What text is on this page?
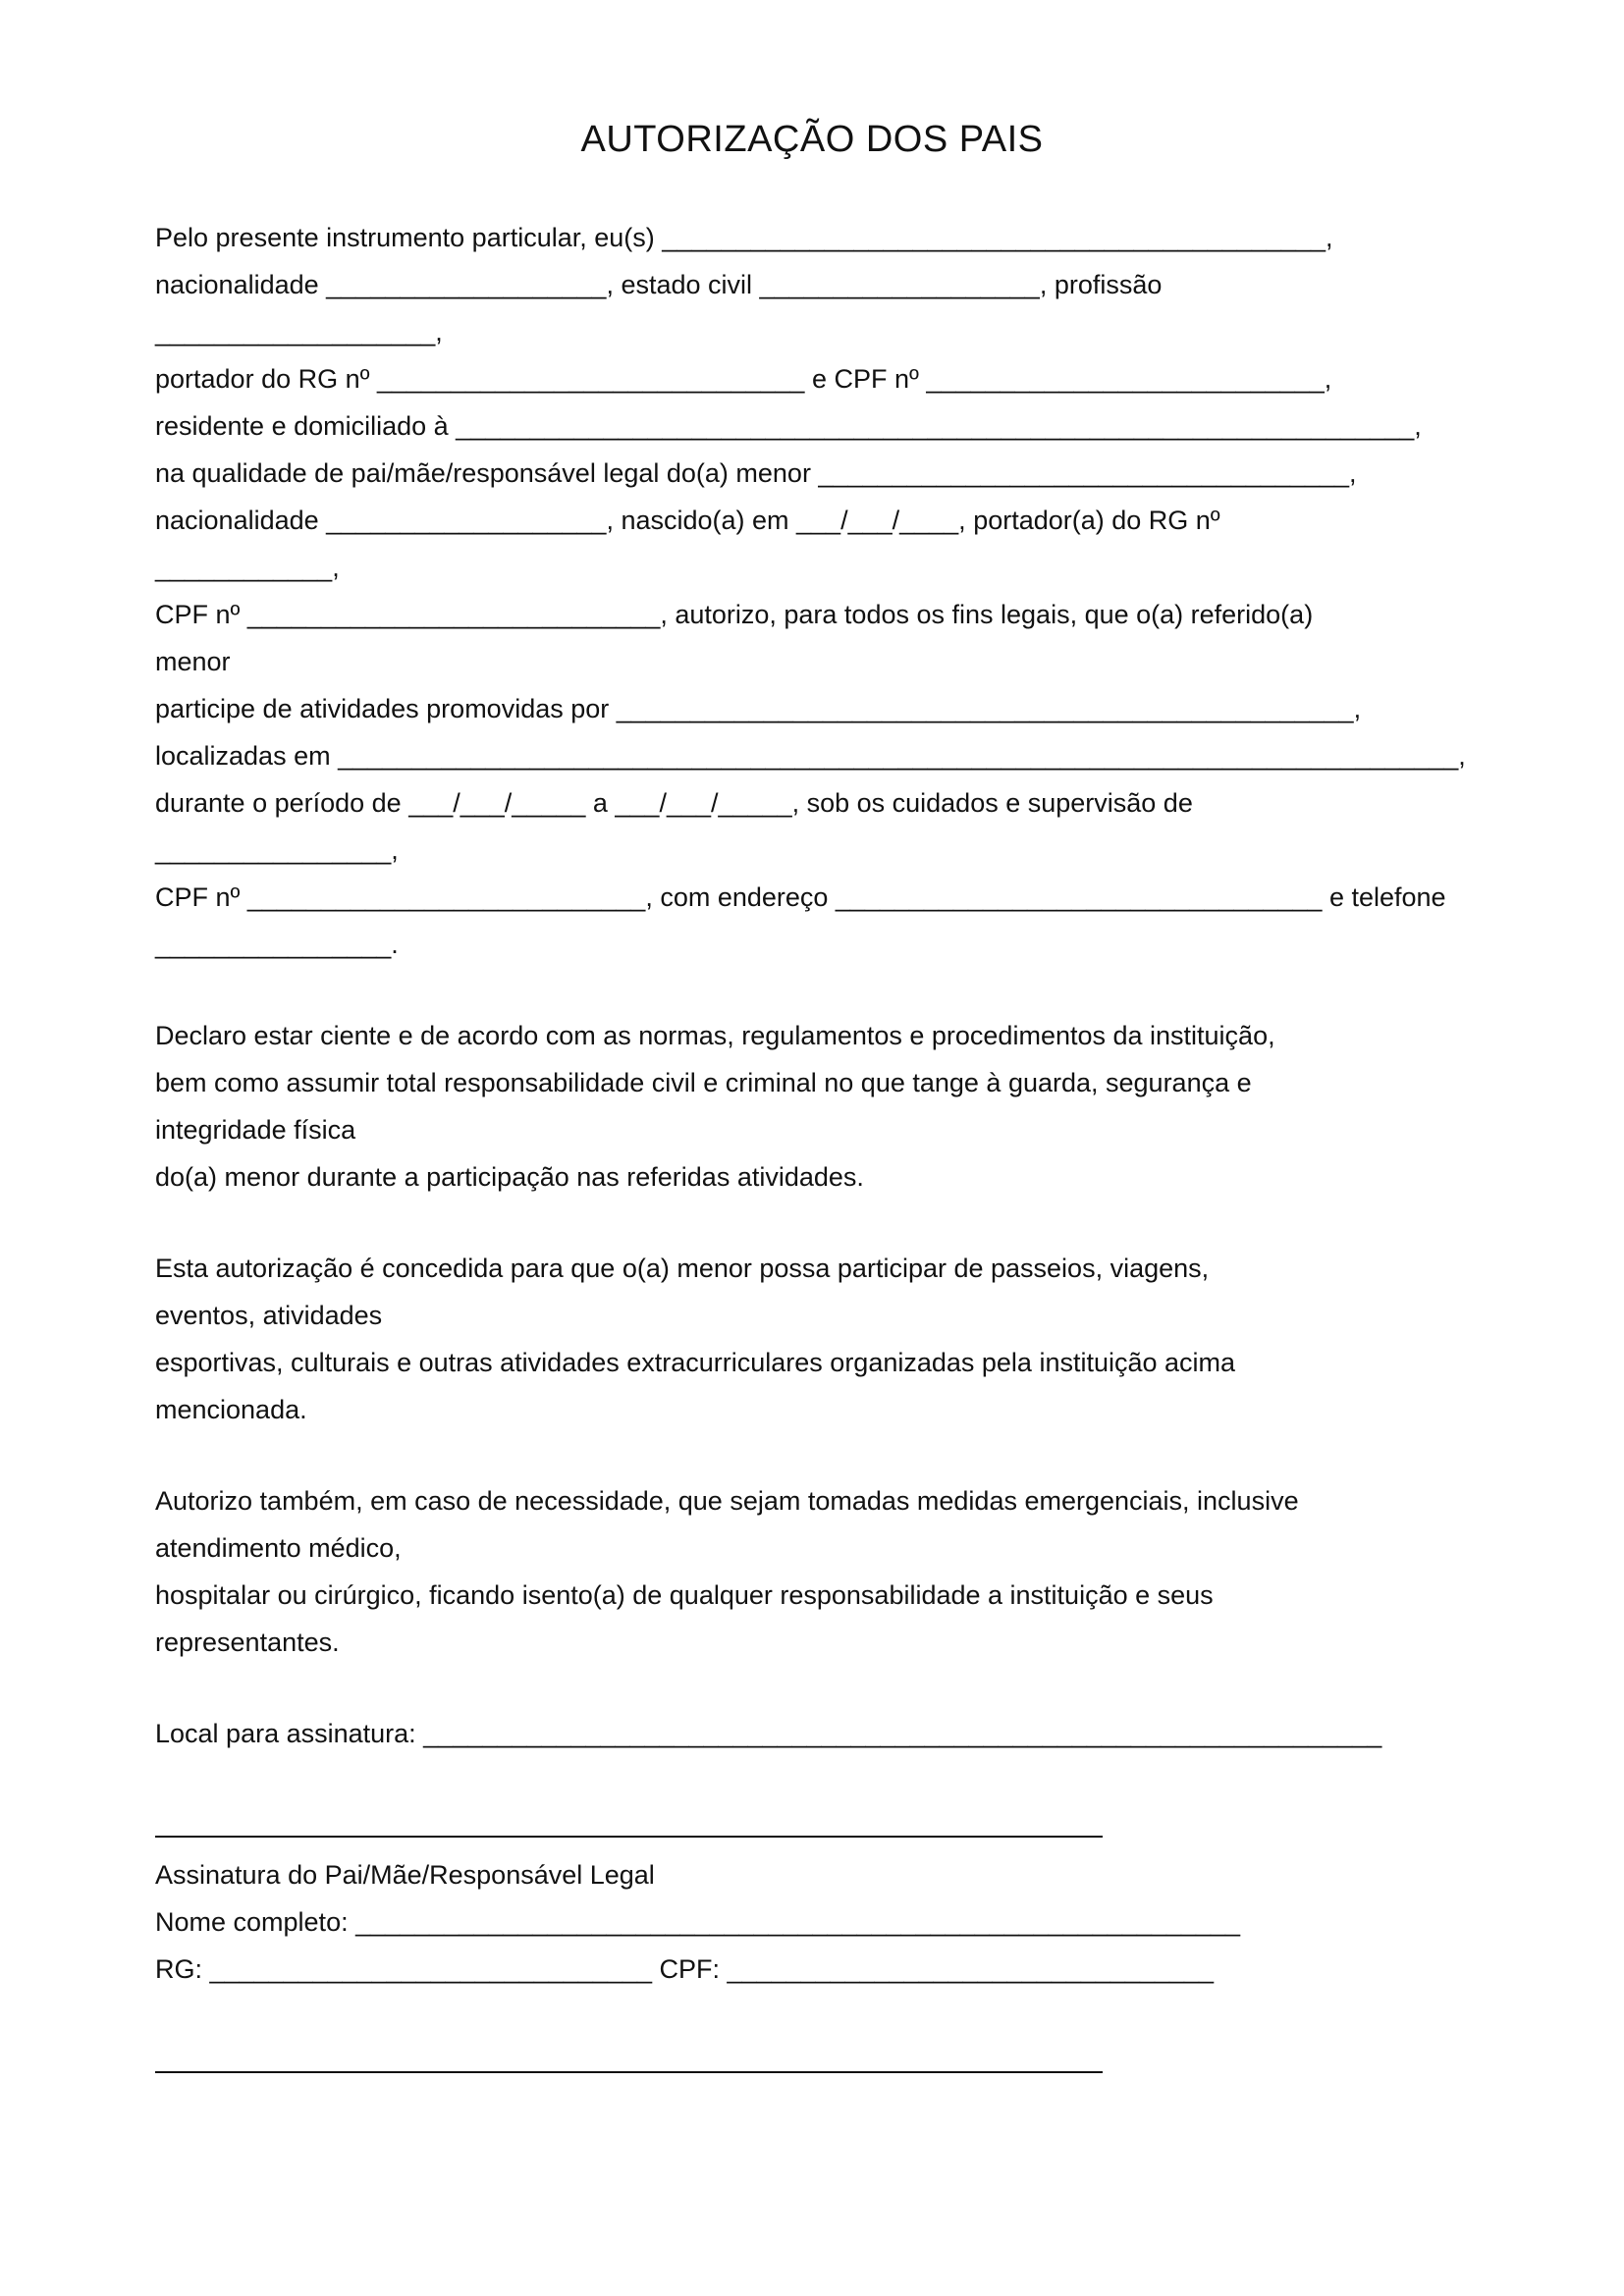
AUTORIZAÇÃO DOS PAIS
Pelo presente instrumento particular, eu(s) _____________________________________________,
nacionalidade ___________________, estado civil ___________________, profissão
___________________,
portador do RG nº _____________________________ e CPF nº ___________________________,
residente e domiciliado à _________________________________________________________________,
na qualidade de pai/mãe/responsável legal do(a) menor ____________________________________,
nacionalidade ___________________, nascido(a) em ___/___/____, portador(a) do RG nº
____________,
CPF nº ____________________________, autorizo, para todos os fins legais, que o(a) referido(a)
menor
participe de atividades promovidas por __________________________________________________,
localizadas em ____________________________________________________________________________,
durante o período de ___/___/_____ a ___/___/_____, sob os cuidados e supervisão de
________________,
CPF nº ___________________________, com endereço _________________________________ e telefone
________________.
Declaro estar ciente e de acordo com as normas, regulamentos e procedimentos da instituição,
bem como assumir total responsabilidade civil e criminal no que tange à guarda, segurança e
integridade física
do(a) menor durante a participação nas referidas atividades.
Esta autorização é concedida para que o(a) menor possa participar de passeios, viagens,
eventos, atividades
esportivas, culturais e outras atividades extracurriculares organizadas pela instituição acima
mencionada.
Autorizo também, em caso de necessidade, que sejam tomadas medidas emergenciais, inclusive
atendimento médico,
hospitalar ou cirúrgico, ficando isento(a) de qualquer responsabilidade a instituição e seus
representantes.
Local para assinatura: _________________________________________________________________
Assinatura do Pai/Mãe/Responsável Legal
Nome completo: ____________________________________________________________
RG: ______________________________ CPF: _________________________________
